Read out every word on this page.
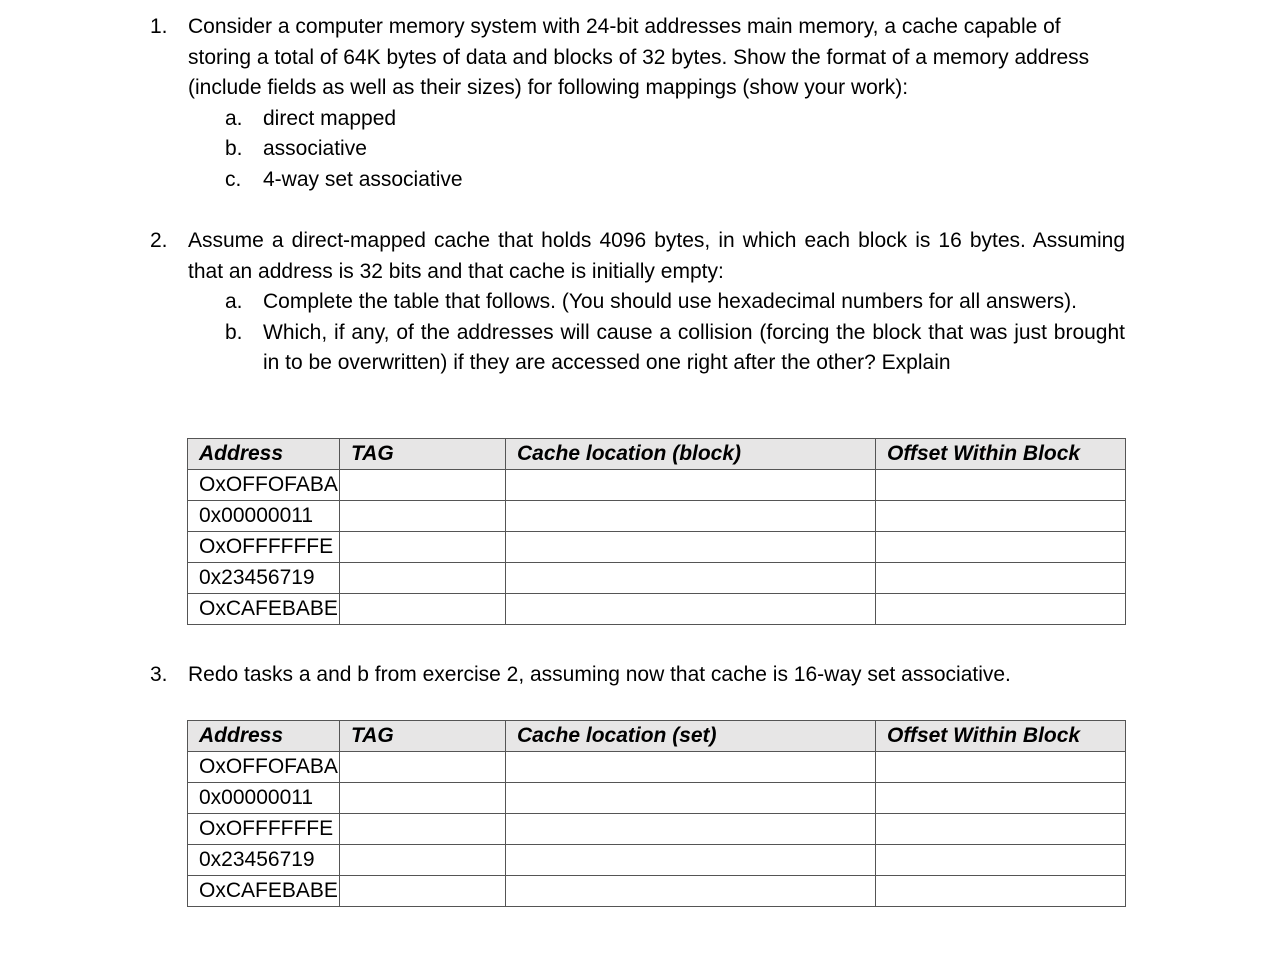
1. Consider a computer memory system with 24-bit addresses main memory, a cache capable of storing a total of 64K bytes of data and blocks of 32 bytes. Show the format of a memory address (include fields as well as their sizes) for following mappings (show your work):
a. direct mapped
b. associative
c. 4-way set associative
2. Assume a direct-mapped cache that holds 4096 bytes, in which each block is 16 bytes. Assuming that an address is 32 bits and that cache is initially empty:
a. Complete the table that follows. (You should use hexadecimal numbers for all answers).
b. Which, if any, of the addresses will cause a collision (forcing the block that was just brought in to be overwritten) if they are accessed one right after the other? Explain
Address	TAG	Cache location (block)	Offset Within Block
OxOFFOFABA			
0x00000011			
OxOFFFFFFE			
0x23456719			
OxCAFEBABE			
3. Redo tasks a and b from exercise 2, assuming now that cache is 16-way set associative.
Address	TAG	Cache location (set)	Offset Within Block
OxOFFOFABA			
0x00000011			
OxOFFFFFFE			
0x23456719			
OxCAFEBABE			
